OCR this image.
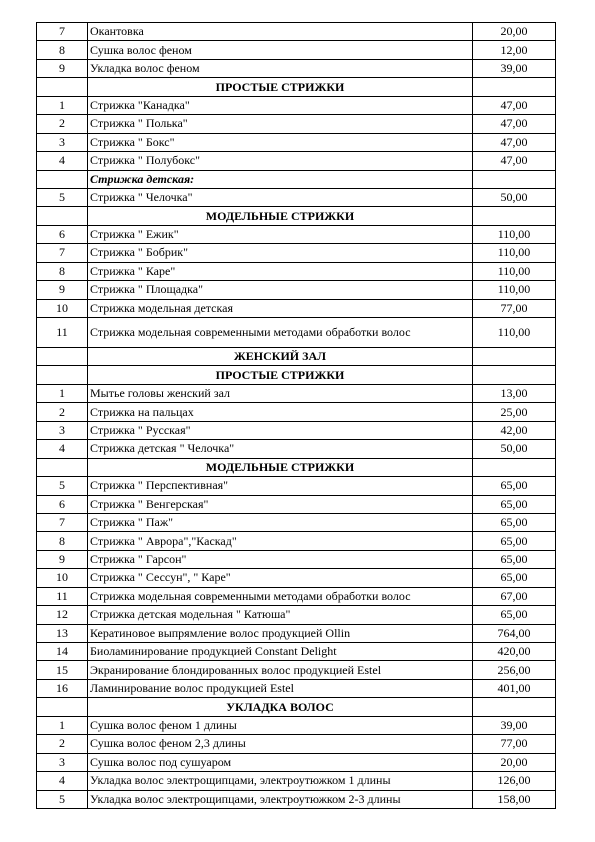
7	Окантовка	20,00
8	Сушка волос феном	12,00
9	Укладка волос феном	39,00
	ПРОСТЫЕ СТРИЖКИ	
1	Стрижка "Канадка"	47,00
2	Стрижка " Полька"	47,00
3	Стрижка " Бокс"	47,00
4	Стрижка " Полубокс"	47,00
	Стрижка детская:	
5	Стрижка " Челочка"	50,00
	МОДЕЛЬНЫЕ СТРИЖКИ	
6	Стрижка " Ежик"	110,00
7	Стрижка " Бобрик"	110,00
8	Стрижка " Каре"	110,00
9	Стрижка " Площадка"	110,00
10	Стрижка модельная детская	77,00
11	Стрижка модельная современными методами обработки волос	110,00
	ЖЕНСКИЙ ЗАЛ	
	ПРОСТЫЕ СТРИЖКИ	
1	Мытье головы женский зал	13,00
2	Стрижка на пальцах	25,00
3	Стрижка " Русская"	42,00
4	Стрижка детская " Челочка"	50,00
	МОДЕЛЬНЫЕ СТРИЖКИ	
5	Стрижка " Перспективная"	65,00
6	Стрижка " Венгерская"	65,00
7	Стрижка " Паж"	65,00
8	Стрижка " Аврора","Каскад"	65,00
9	Стрижка " Гарсон"	65,00
10	Стрижка " Сессун", " Каре"	65,00
11	Стрижка модельная современными методами обработки волос	67,00
12	Стрижка детская модельная " Катюша"	65,00
13	Кератиновое выпрямление волос продукцией Ollin	764,00
14	Биоламинирование продукцией Constant Delight	420,00
15	Экранирование блондированных волос продукцией Estel	256,00
16	Ламинирование волос продукцией Estel	401,00
	УКЛАДКА ВОЛОС	
1	Сушка волос феном 1 длины	39,00
2	Сушка волос феном 2,3 длины	77,00
3	Сушка волос под сушуаром	20,00
4	Укладка волос электрощипцами, электроутюжком 1 длины	126,00
5	Укладка волос электрощипцами, электроутюжком 2-3 длины	158,00
